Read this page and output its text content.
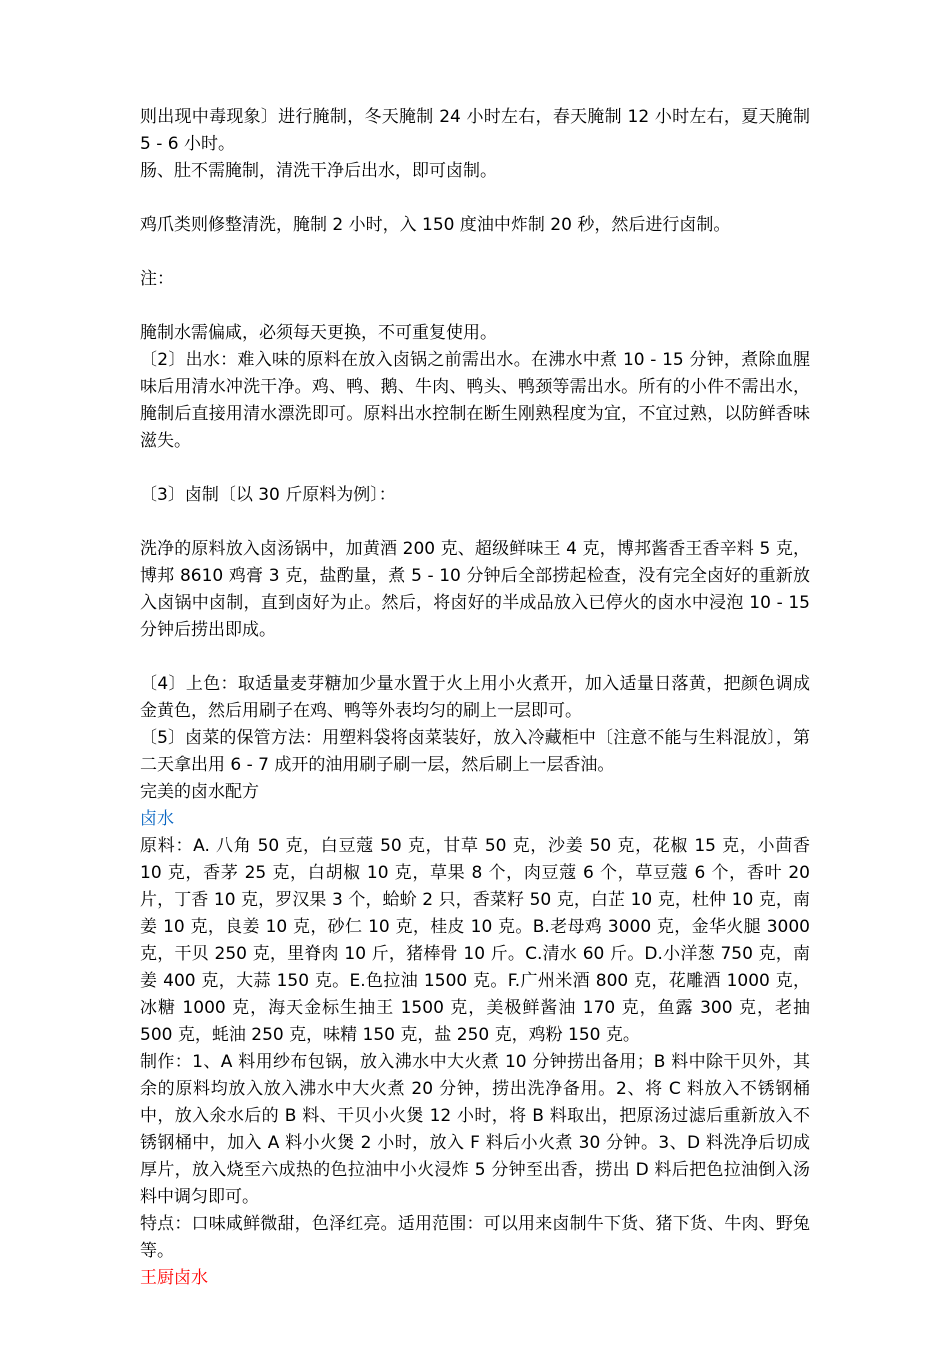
则出现中毒现象〕进行腌制，冬天腌制 24 小时左右，春天腌制 12 小时左右，夏天腌制 5 - 6 小时。

肠、肚不需腌制，清洗干净后出水，即可卤制。

鸡爪类则修整清洗，腌制 2 小时，入 150 度油中炸制 20 秒，然后进行卤制。

注：

腌制水需偏咸，必须每天更换，不可重复使用。

〔2〕出水：难入味的原料在放入卤锅之前需出水。在沸水中煮 10 - 15 分钟，煮除血腥味后用清水冲洗干净。鸡、鸭、鹅、牛肉、鸭头、鸭颈等需出水。所有的小件不需出水，腌制后直接用清水漂洗即可。原料出水控制在断生刚熟程度为宜，不宜过熟，以防鲜香味滋失。

〔3〕卤制〔以 30 斤原料为例〕：

洗净的原料放入卤汤锅中，加黄酒 200 克、超级鲜味王 4 克，博邦酱香王香辛料 5 克，博邦 8610 鸡膏 3 克，盐酌量，煮 5 - 10 分钟后全部捞起检查，没有完全卤好的重新放入卤锅中卤制，直到卤好为止。然后，将卤好的半成品放入已停火的卤水中浸泡 10 - 15 分钟后捞出即成。

〔4〕上色：取适量麦芽糖加少量水置于火上用小火煮开，加入适量日落黄，把颜色调成金黄色，然后用刷子在鸡、鸭等外表均匀的刷上一层即可。

〔5〕卤菜的保管方法：用塑料袋将卤菜装好，放入冷藏柜中〔注意不能与生料混放〕，第二天拿出用 6 - 7 成开的油用刷子刷一层，然后刷上一层香油。

完美的卤水配方

卤水

原料：A. 八角 50 克，白豆蔻 50 克，甘草 50 克，沙姜 50 克，花椒 15 克，小茴香 10 克，香茅 25 克，白胡椒 10 克，草果 8 个，肉豆蔻 6 个，草豆蔻 6 个，香叶 20 片，丁香 10 克，罗汉果 3 个，蛤蚧 2 只，香菜籽 50 克，白芷 10 克，杜仲 10 克，南姜 10 克，良姜 10 克，砂仁 10 克，桂皮 10 克。B.老母鸡 3000 克，金华火腿 3000 克，干贝 250 克，里脊肉 10 斤，猪棒骨 10 斤。C.清水 60 斤。D.小洋葱 750 克，南姜 400 克，大蒜 150 克。E.色拉油 1500 克。F.广州米酒 800 克，花雕酒 1000 克，冰糖 1000 克，海天金标生抽王 1500 克，美极鲜酱油 170 克，鱼露 300 克，老抽 500 克，蚝油 250 克，味精 150 克，盐 250 克，鸡粉 150 克。

制作：1、A 料用纱布包锅，放入沸水中大火煮 10 分钟捞出备用；B 料中除干贝外，其余的原料均放入放入沸水中大火煮 20 分钟，捞出洗净备用。2、将 C 料放入不锈钢桶中，放入氽水后的 B 料、干贝小火煲 12 小时，将 B 料取出，把原汤过滤后重新放入不锈钢桶中，加入 A 料小火煲 2 小时，放入 F 料后小火煮 30 分钟。3、D 料洗净后切成厚片，放入烧至六成热的色拉油中小火浸炸 5 分钟至出香，捞出 D 料后把色拉油倒入汤料中调匀即可。

特点：口味咸鲜微甜，色泽红亮。适用范围：可以用来卤制牛下货、猪下货、牛肉、野兔等。

王厨卤水
